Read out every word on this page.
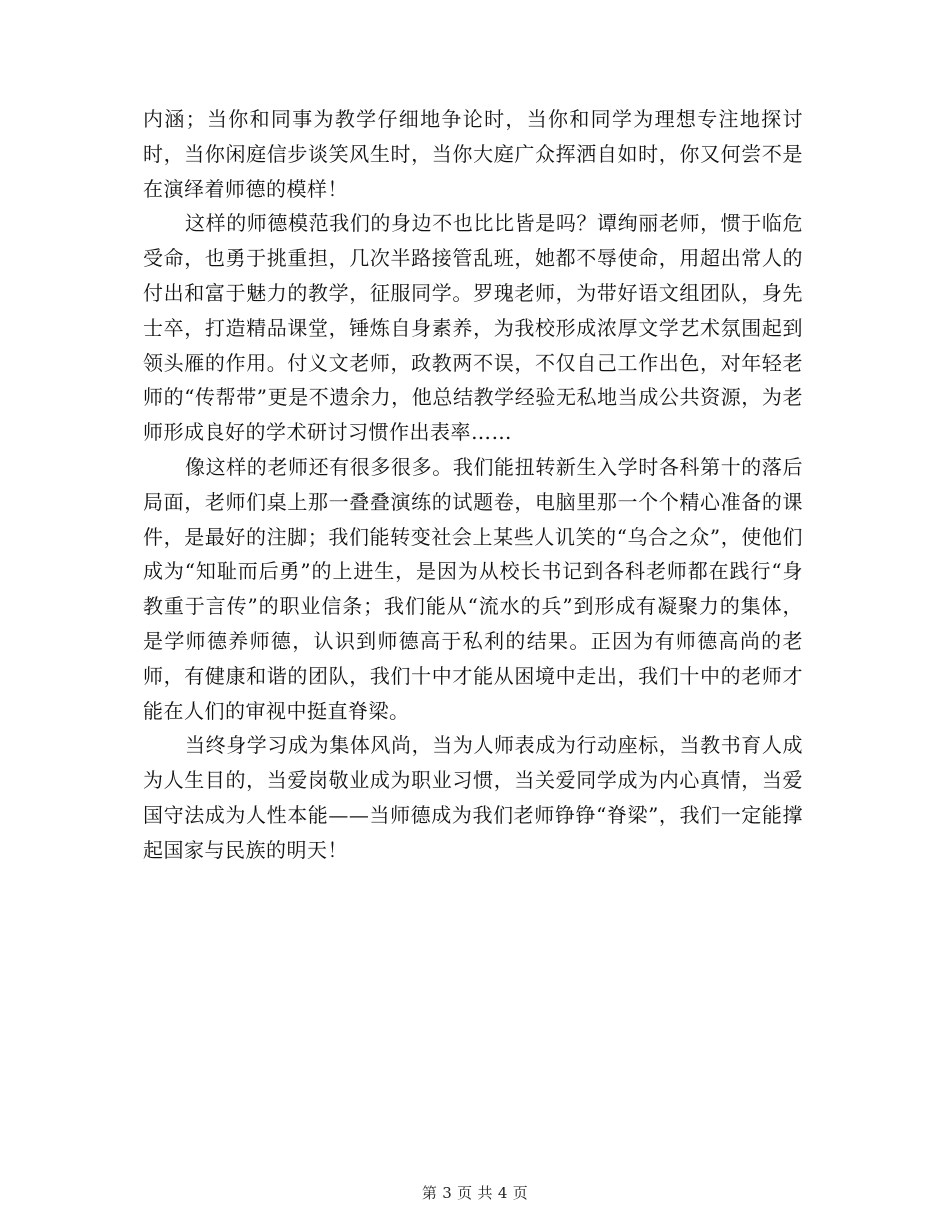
内涵；当你和同事为教学仔细地争论时，当你和同学为理想专注地探讨时，当你闲庭信步谈笑风生时，当你大庭广众挥洒自如时，你又何尝不是在演绎着师德的模样！

这样的师德模范我们的身边不也比比皆是吗？谭绚丽老师，惯于临危受命，也勇于挑重担，几次半路接管乱班，她都不辱使命，用超出常人的付出和富于魅力的教学，征服同学。罗瑰老师，为带好语文组团队，身先士卒，打造精品课堂，锤炼自身素养，为我校形成浓厚文学艺术氛围起到领头雁的作用。付义文老师，政教两不误，不仅自己工作出色，对年轻老师的“传帮带”更是不遗余力，他总结教学经验无私地当成公共资源，为老师形成良好的学术研讨习惯作出表率……

像这样的老师还有很多很多。我们能扭转新生入学时各科第十的落后局面，老师们桌上那一叠叠演练的试题卷，电脑里那一个个精心准备的课件，是最好的注脚；我们能转变社会上某些人讥笑的“乌合之众”，使他们成为“知耻而后勇”的上进生，是因为从校长书记到各科老师都在践行“身教重于言传”的职业信条；我们能从“流水的兵”到形成有凝聚力的集体，是学师德养师德，认识到师德高于私利的结果。正因为有师德高尚的老师，有健康和谐的团队，我们十中才能从困境中走出，我们十中的老师才能在人们的审视中挺直脊梁。

当终身学习成为集体风尚，当为人师表成为行动座标，当教书育人成为人生目的，当爱岗敬业成为职业习惯，当关爱同学成为内心真情，当爱国守法成为人性本能——当师德成为我们老师铮铮“脊梁”，我们一定能撑起国家与民族的明天！

第 3 页 共 4 页
